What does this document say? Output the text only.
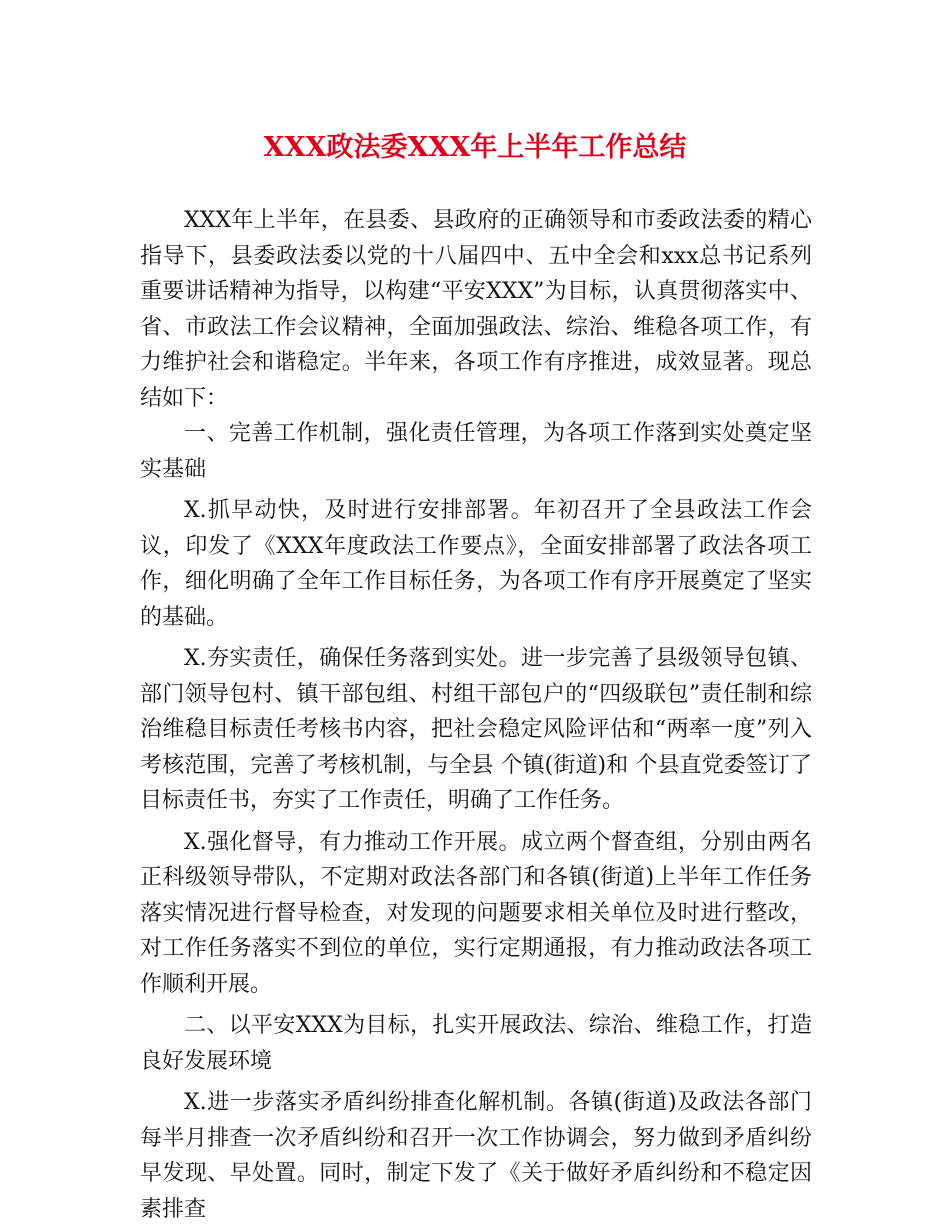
XXX政法委XXX年上半年工作总结

XXX年上半年，在县委、县政府的正确领导和市委政法委的精心指导下，县委政法委以党的十八届四中、五中全会和xxx总书记系列重要讲话精神为指导，以构建“平安XXX”为目标，认真贯彻落实中、省、市政法工作会议精神，全面加强政法、综治、维稳各项工作，有力维护社会和谐稳定。半年来，各项工作有序推进，成效显著。现总结如下：

一、完善工作机制，强化责任管理，为各项工作落到实处奠定坚实基础

X.抓早动快，及时进行安排部署。年初召开了全县政法工作会议，印发了《XXX年度政法工作要点》，全面安排部署了政法各项工作，细化明确了全年工作目标任务，为各项工作有序开展奠定了坚实的基础。

X.夯实责任，确保任务落到实处。进一步完善了县级领导包镇、部门领导包村、镇干部包组、村组干部包户的“四级联包”责任制和综治维稳目标责任考核书内容，把社会稳定风险评估和“两率一度”列入考核范围，完善了考核机制，与全县 个镇(街道)和 个县直党委签订了目标责任书，夯实了工作责任，明确了工作任务。

X.强化督导，有力推动工作开展。成立两个督查组，分别由两名正科级领导带队，不定期对政法各部门和各镇(街道)上半年工作任务落实情况进行督导检查，对发现的问题要求相关单位及时进行整改，对工作任务落实不到位的单位，实行定期通报，有力推动政法各项工作顺利开展。

二、以平安XXX为目标，扎实开展政法、综治、维稳工作，打造良好发展环境

X.进一步落实矛盾纠纷排查化解机制。各镇(街道)及政法各部门每半月排查一次矛盾纠纷和召开一次工作协调会，努力做到矛盾纠纷早发现、早处置。同时，制定下发了《关于做好矛盾纠纷和不稳定因素排查
